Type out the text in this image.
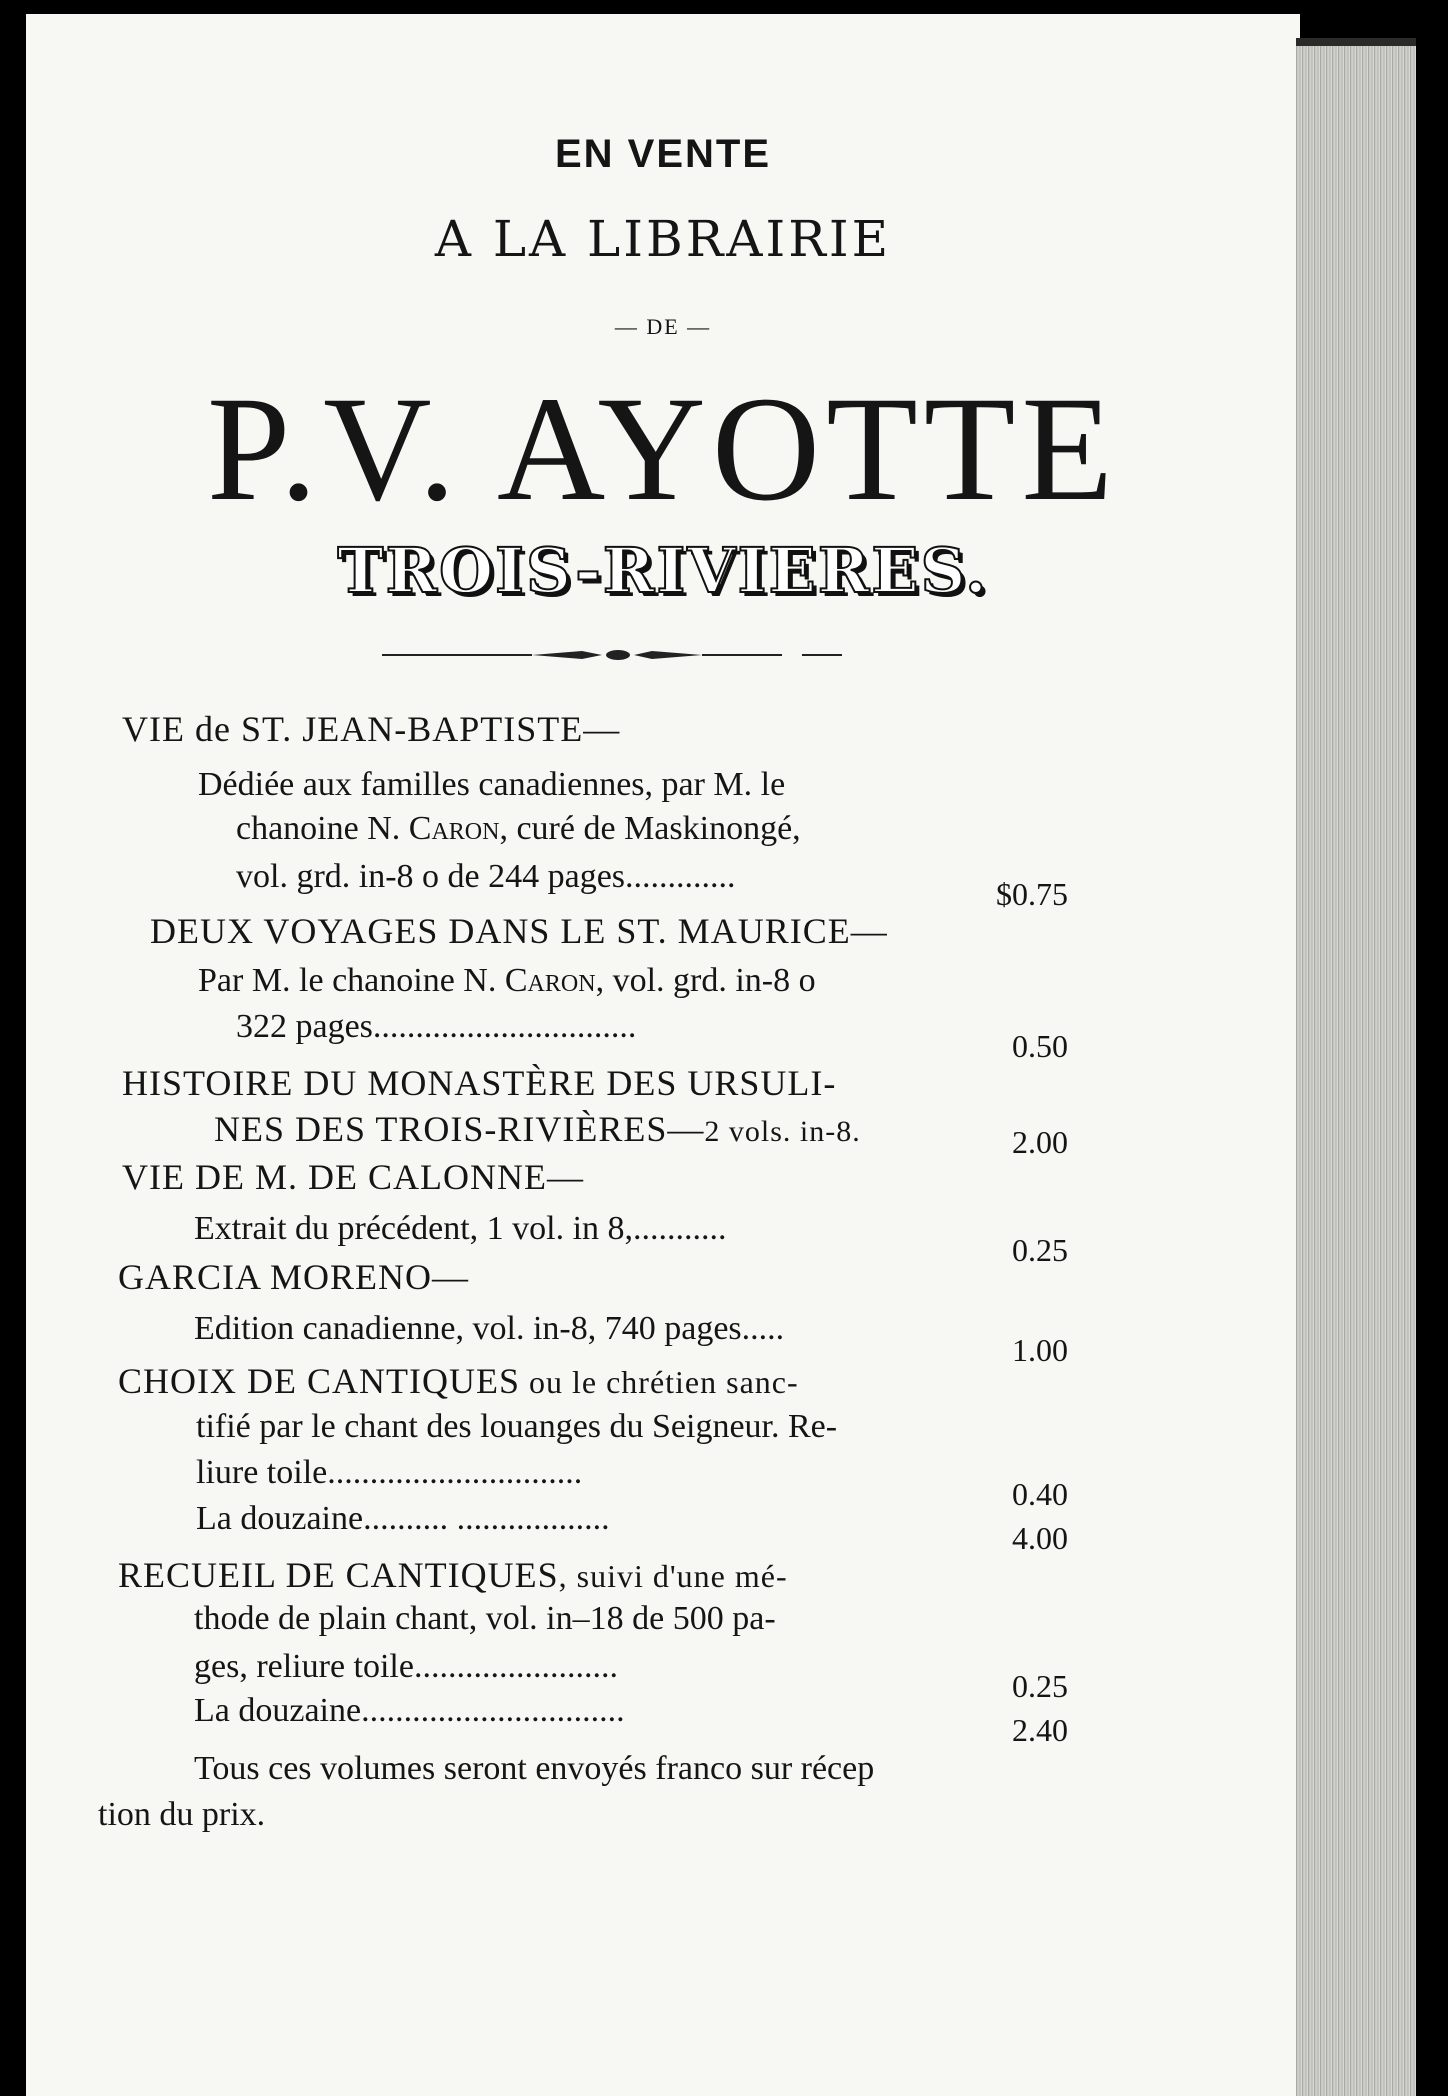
EN VENTE
A LA LIBRAIRIE
— DE —
P.V. AYOTTE
TROIS-RIVIERES.
VIE de ST. JEAN-BAPTISTE—
Dédiée aux familles canadiennes, par M. le
chanoine N. Caron, curé de Maskinongé,
vol. grd. in-8 o de 244 pages.............	$0.75
DEUX VOYAGES DANS LE ST. MAURICE—
Par M. le chanoine N. Caron, vol. grd. in-8 o
322 pages...............................
0.50
HISTOIRE DU MONASTÈRE DES URSULI-
NES DES TROIS-RIVIÈRES—2 vols. in-8.	2.00
VIE DE M. DE CALONNE—
Extrait du précédent, 1 vol. in 8,...........
0.25
GARCIA MORENO—
Edition canadienne, vol. in-8, 740 pages.....
1.00
CHOIX DE CANTIQUES ou le chrétien sanc-
tifié par le chant des louanges du Seigneur. Re-
liure toile..............................
0.40
La douzaine.......... ..................
4.00
RECUEIL DE CANTIQUES, suivi d'une mé-
thode de plain chant, vol. in–18 de 500 pa-
ges, reliure toile........................
0.25
La douzaine...............................
2.40
Tous ces volumes seront envoyés franco sur récep
tion du prix.
